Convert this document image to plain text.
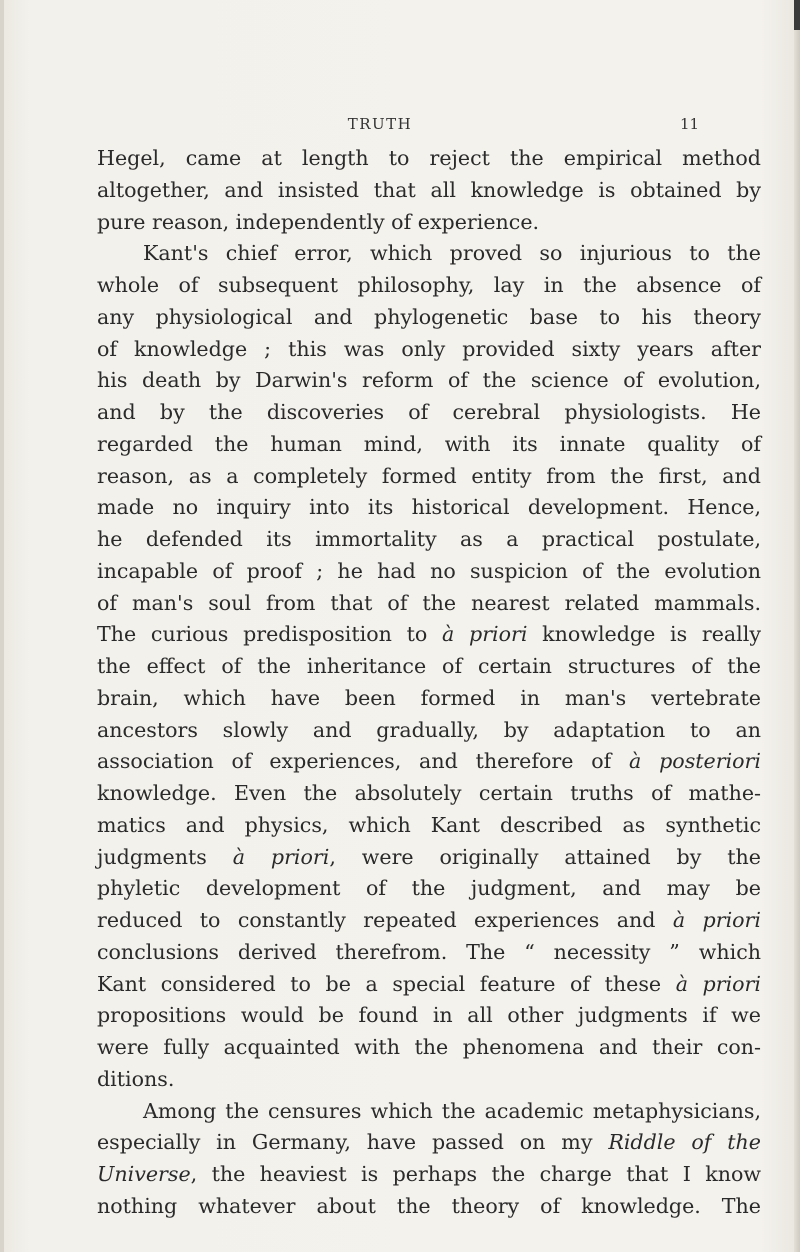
TRUTH	11
Hegel, came at length to reject the empirical method
altogether, and insisted that all knowledge is obtained by
pure reason, independently of experience.
Kant's chief error, which proved so injurious to the
whole of subsequent philosophy, lay in the absence of
any physiological and phylogenetic base to his theory
of knowledge ; this was only provided sixty years after
his death by Darwin's reform of the science of evolution,
and by the discoveries of cerebral physiologists. He
regarded the human mind, with its innate quality of
reason, as a completely formed entity from the first, and
made no inquiry into its historical development. Hence,
he defended its immortality as a practical postulate,
incapable of proof ; he had no suspicion of the evolution
of man's soul from that of the nearest related mammals.
The curious predisposition to à priori knowledge is really
the effect of the inheritance of certain structures of the
brain, which have been formed in man's vertebrate
ancestors slowly and gradually, by adaptation to an
association of experiences, and therefore of à posteriori
knowledge. Even the absolutely certain truths of mathe-
matics and physics, which Kant described as synthetic
judgments à priori, were originally attained by the
phyletic development of the judgment, and may be
reduced to constantly repeated experiences and à priori
conclusions derived therefrom. The “ necessity ” which
Kant considered to be a special feature of these à priori
propositions would be found in all other judgments if we
were fully acquainted with the phenomena and their con-
ditions.
Among the censures which the academic metaphysicians,
especially in Germany, have passed on my Riddle of the
Universe, the heaviest is perhaps the charge that I know
nothing whatever about the theory of knowledge. The
